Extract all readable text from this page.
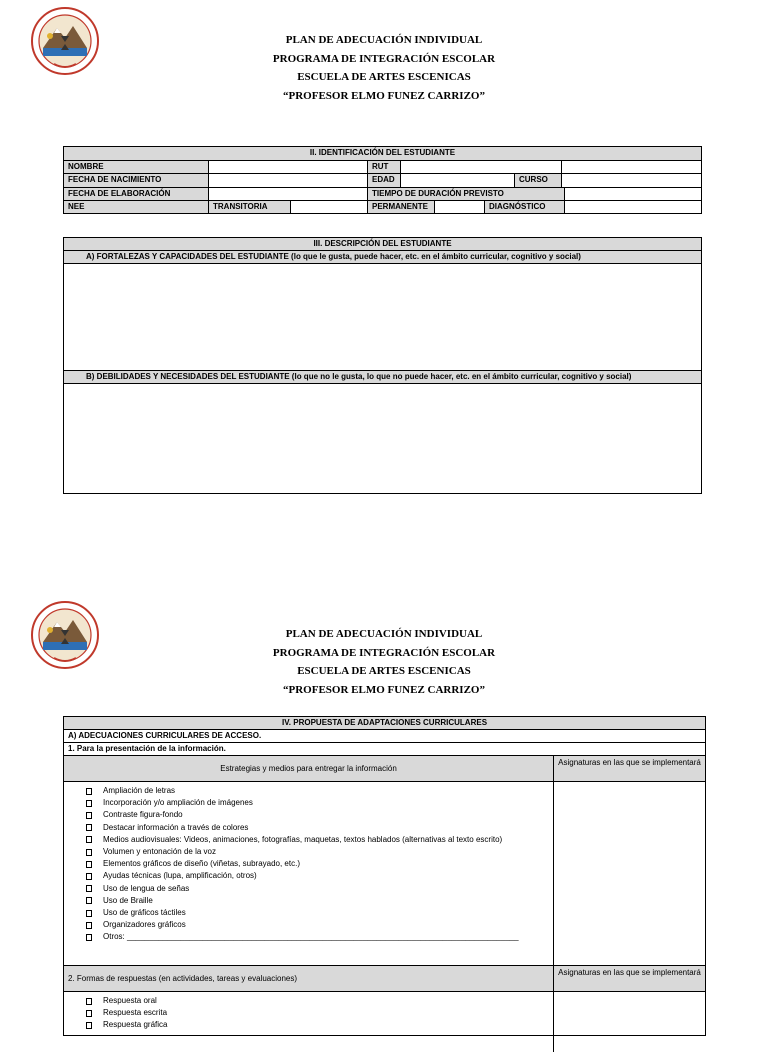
PLAN DE ADECUACIÓN INDIVIDUAL
PROGRAMA DE INTEGRACIÓN ESCOLAR
ESCUELA DE ARTES ESCENICAS
“PROFESOR ELMO FUNEZ CARRIZO”
II. IDENTIFICACIÓN DEL ESTUDIANTE
NOMBRE	RUT
FECHA DE NACIMIENTO	EDAD	CURSO
FECHA DE ELABORACIÓN	TIEMPO DE DURACIÓN PREVISTO
NEE	TRANSITORIA	PERMANENTE	DIAGNÓSTICO
III. DESCRIPCIÓN DEL ESTUDIANTE
A) FORTALEZAS Y CAPACIDADES DEL ESTUDIANTE (lo que le gusta, puede hacer, etc. en el ámbito curricular, cognitivo y social)
B) DEBILIDADES Y NECESIDADES DEL ESTUDIANTE (lo que no le gusta, lo que no puede hacer, etc. en el ámbito curricular, cognitivo y social)
PLAN DE ADECUACIÓN INDIVIDUAL
PROGRAMA DE INTEGRACIÓN ESCOLAR
ESCUELA DE ARTES ESCENICAS
“PROFESOR ELMO FUNEZ CARRIZO”
IV. PROPUESTA DE ADAPTACIONES CURRICULARES
A) ADECUACIONES CURRICULARES DE ACCESO.
1. Para la presentación de la información.
Estrategias y medios para entregar la información
Asignaturas en las que se implementará
Ampliación de letras
Incorporación y/o ampliación de imágenes
Contraste figura-fondo
Destacar información a través de colores
Medios audiovisuales: Videos, animaciones, fotografías, maquetas, textos hablados (alternativas al texto escrito)
Volumen y entonación de la voz
Elementos gráficos de diseño (viñetas, subrayado, etc.)
Ayudas técnicas (lupa, amplificación, otros)
Uso de lengua de señas
Uso de Braille
Uso de gráficos táctiles
Organizadores gráficos
Otros: ________________________________________________________________________________________
2. Formas de respuestas (en actividades, tareas y evaluaciones)
Asignaturas en las que se implementará
Respuesta oral
Respuesta escrita
Respuesta gráfica
